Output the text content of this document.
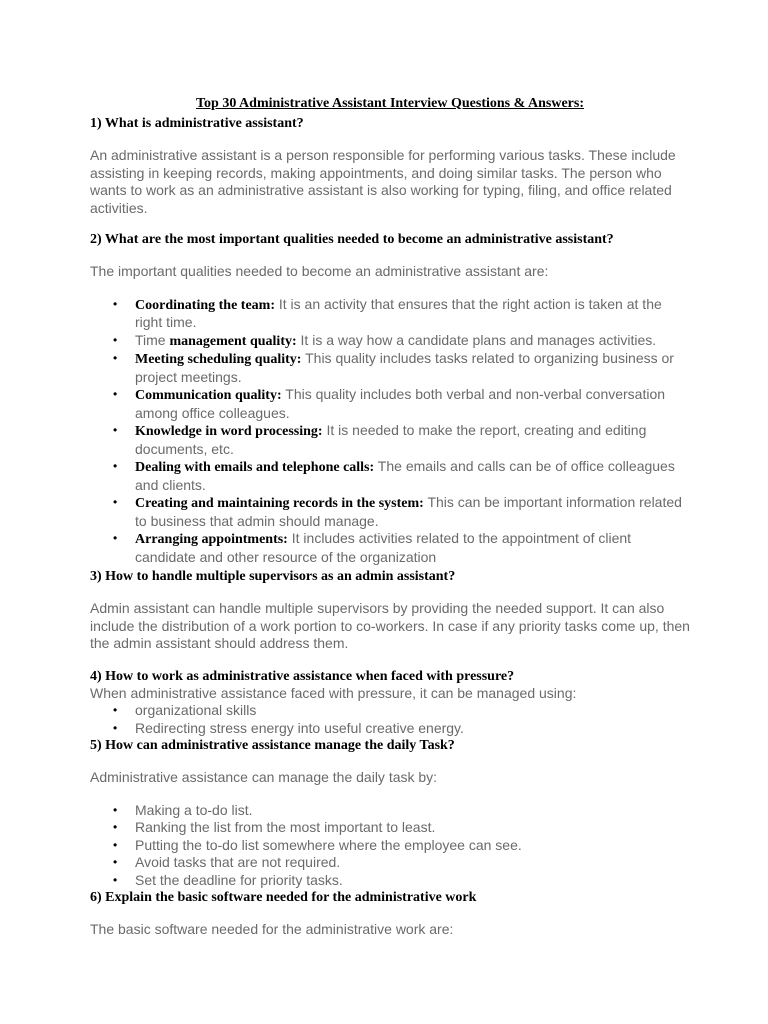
Top 30 Administrative Assistant Interview Questions & Answers:
1) What is administrative assistant?
An administrative assistant is a person responsible for performing various tasks. These include assisting in keeping records, making appointments, and doing similar tasks. The person who wants to work as an administrative assistant is also working for typing, filing, and office related activities.
2) What are the most important qualities needed to become an administrative assistant?
The important qualities needed to become an administrative assistant are:
• Coordinating the team: It is an activity that ensures that the right action is taken at the right time.
• Time management quality: It is a way how a candidate plans and manages activities.
• Meeting scheduling quality: This quality includes tasks related to organizing business or project meetings.
• Communication quality: This quality includes both verbal and non-verbal conversation among office colleagues.
• Knowledge in word processing: It is needed to make the report, creating and editing documents, etc.
• Dealing with emails and telephone calls: The emails and calls can be of office colleagues and clients.
• Creating and maintaining records in the system: This can be important information related to business that admin should manage.
• Arranging appointments: It includes activities related to the appointment of client candidate and other resource of the organization
3) How to handle multiple supervisors as an admin assistant?
Admin assistant can handle multiple supervisors by providing the needed support. It can also include the distribution of a work portion to co-workers. In case if any priority tasks come up, then the admin assistant should address them.
4) How to work as administrative assistance when faced with pressure?
When administrative assistance faced with pressure, it can be managed using:
• organizational skills
• Redirecting stress energy into useful creative energy.
5) How can administrative assistance manage the daily Task?
Administrative assistance can manage the daily task by:
• Making a to-do list.
• Ranking the list from the most important to least.
• Putting the to-do list somewhere where the employee can see.
• Avoid tasks that are not required.
• Set the deadline for priority tasks.
6) Explain the basic software needed for the administrative work
The basic software needed for the administrative work are:
